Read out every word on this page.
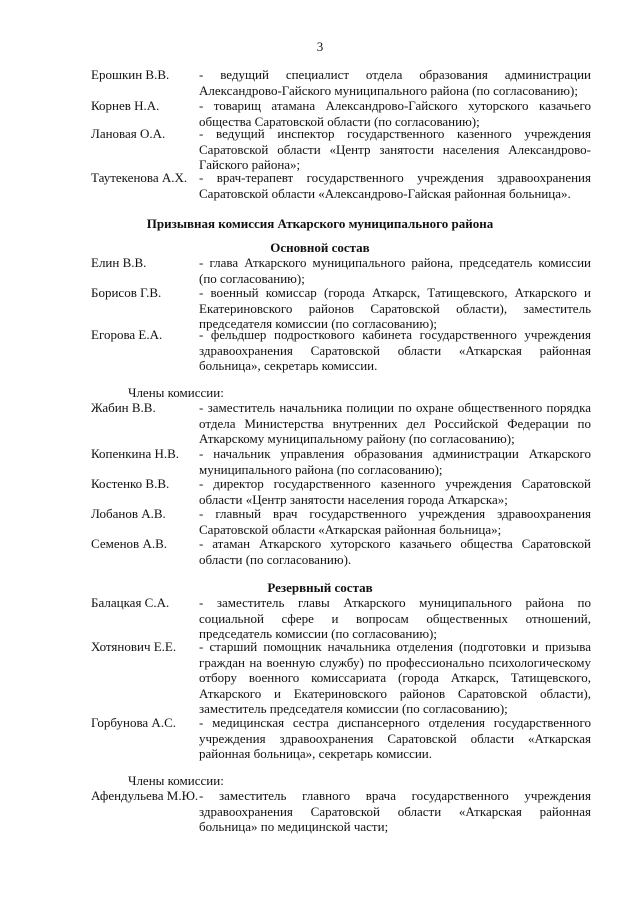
3
Ерошкин В.В.	- ведущий специалист отдела образования администрации Александрово-Гайского муниципального района (по согласованию);
Корнев Н.А.	- товарищ атамана Александрово-Гайского хуторского казачьего общества Саратовской области (по согласованию);
Лановая О.А.	- ведущий инспектор государственного казенного учреждения Саратовской области «Центр занятости населения Александрово-Гайского района»;
Таутекенова А.Х.	- врач-терапевт государственного учреждения здравоохранения Саратовской области «Александрово-Гайская районная больница».
Призывная комиссия Аткарского муниципального района
Основной состав
Елин В.В.	- глава Аткарского муниципального района, председатель комиссии (по согласованию);
Борисов Г.В.	- военный комиссар (города Аткарск, Татищевского, Аткарского и Екатериновского районов Саратовской области), заместитель председателя комиссии (по согласованию);
Егорова Е.А.	- фельдшер подросткового кабинета государственного учреждения здравоохранения Саратовской области «Аткарская районная больница», секретарь комиссии.
Члены комиссии:
Жабин В.В.	- заместитель начальника полиции по охране общественного порядка отдела Министерства внутренних дел Российской Федерации по Аткарскому муниципальному району (по согласованию);
Копенкина Н.В.	- начальник управления образования администрации Аткарского муниципального района (по согласованию);
Костенко В.В.	- директор государственного казенного учреждения Саратовской области «Центр занятости населения города Аткарска»;
Лобанов А.В.	- главный врач государственного учреждения здравоохранения Саратовской области «Аткарская районная больница»;
Семенов А.В.	- атаман Аткарского хуторского казачьего общества Саратовской области (по согласованию).
Резервный состав
Балацкая С.А.	- заместитель главы Аткарского муниципального района по социальной сфере и вопросам общественных отношений, председатель комиссии (по согласованию);
Хотянович Е.Е.	- старший помощник начальника отделения (подготовки и призыва граждан на военную службу) по профессионально психологическому отбору военного комиссариата (города Аткарск, Татищевского, Аткарского и Екатериновского районов Саратовской области), заместитель председателя комиссии (по согласованию);
Горбунова А.С.	- медицинская сестра диспансерного отделения государственного учреждения здравоохранения Саратовской области «Аткарская районная больница», секретарь комиссии.
Члены комиссии:
Афендульева М.Ю.	- заместитель главного врача государственного учреждения здравоохранения Саратовской области «Аткарская районная больница» по медицинской части;
